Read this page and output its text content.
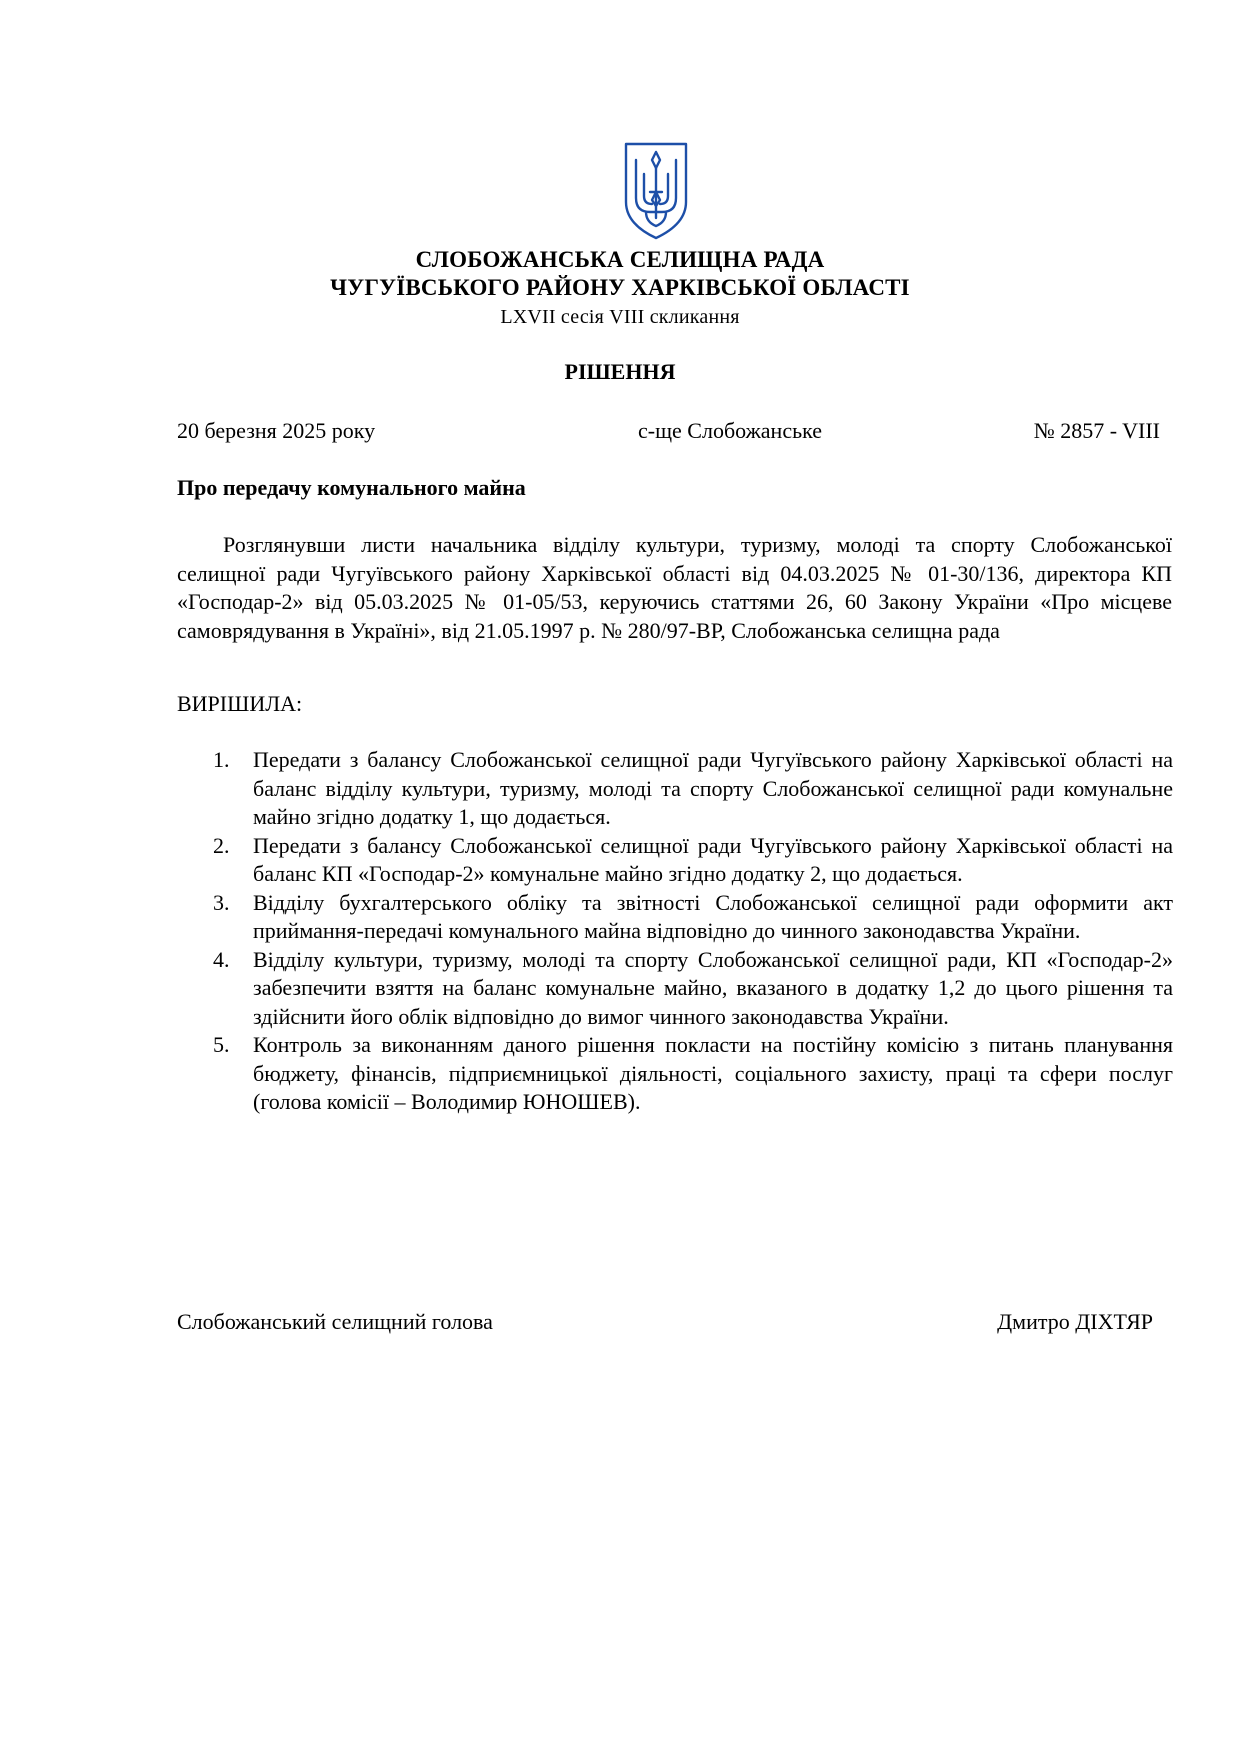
СЛОБОЖАНСЬКА СЕЛИЩНА РАДА
ЧУГУЇВСЬКОГО РАЙОНУ ХАРКІВСЬКОЇ ОБЛАСТІ
LXVII сесія VIII скликання
РІШЕННЯ
20 березня 2025 року	с-ще Слобожанське	№ 2857 - VIII
Про передачу комунального майна

Розглянувши листи начальника відділу культури, туризму, молоді та спорту Слобожанської селищної ради Чугуївського району Харківської області від 04.03.2025 № 01-30/136, директора КП «Господар-2» від 05.03.2025 № 01-05/53, керуючись статтями 26, 60 Закону України «Про місцеве самоврядування в Україні», від 21.05.1997 р. № 280/97-ВР, Слобожанська селищна рада

ВИРІШИЛА:
1. Передати з балансу Слобожанської селищної ради Чугуївського району Харківської області на баланс відділу культури, туризму, молоді та спорту Слобожанської селищної ради комунальне майно згідно додатку 1, що додається.
2. Передати з балансу Слобожанської селищної ради Чугуївського району Харківської області на баланс КП «Господар-2» комунальне майно згідно додатку 2, що додається.
3. Відділу бухгалтерського обліку та звітності Слобожанської селищної ради оформити акт приймання-передачі комунального майна відповідно до чинного законодавства України.
4. Відділу культури, туризму, молоді та спорту Слобожанської селищної ради, КП «Господар-2» забезпечити взяття на баланс комунальне майно, вказаного в додатку 1,2 до цього рішення та здійснити його облік відповідно до вимог чинного законодавства України.
5. Контроль за виконанням даного рішення покласти на постійну комісію з питань планування бюджету, фінансів, підприємницької діяльності, соціального захисту, праці та сфери послуг (голова комісії – Володимир ЮНОШЕВ).
Слобожанський селищний голова	Дмитро ДІХТЯР
